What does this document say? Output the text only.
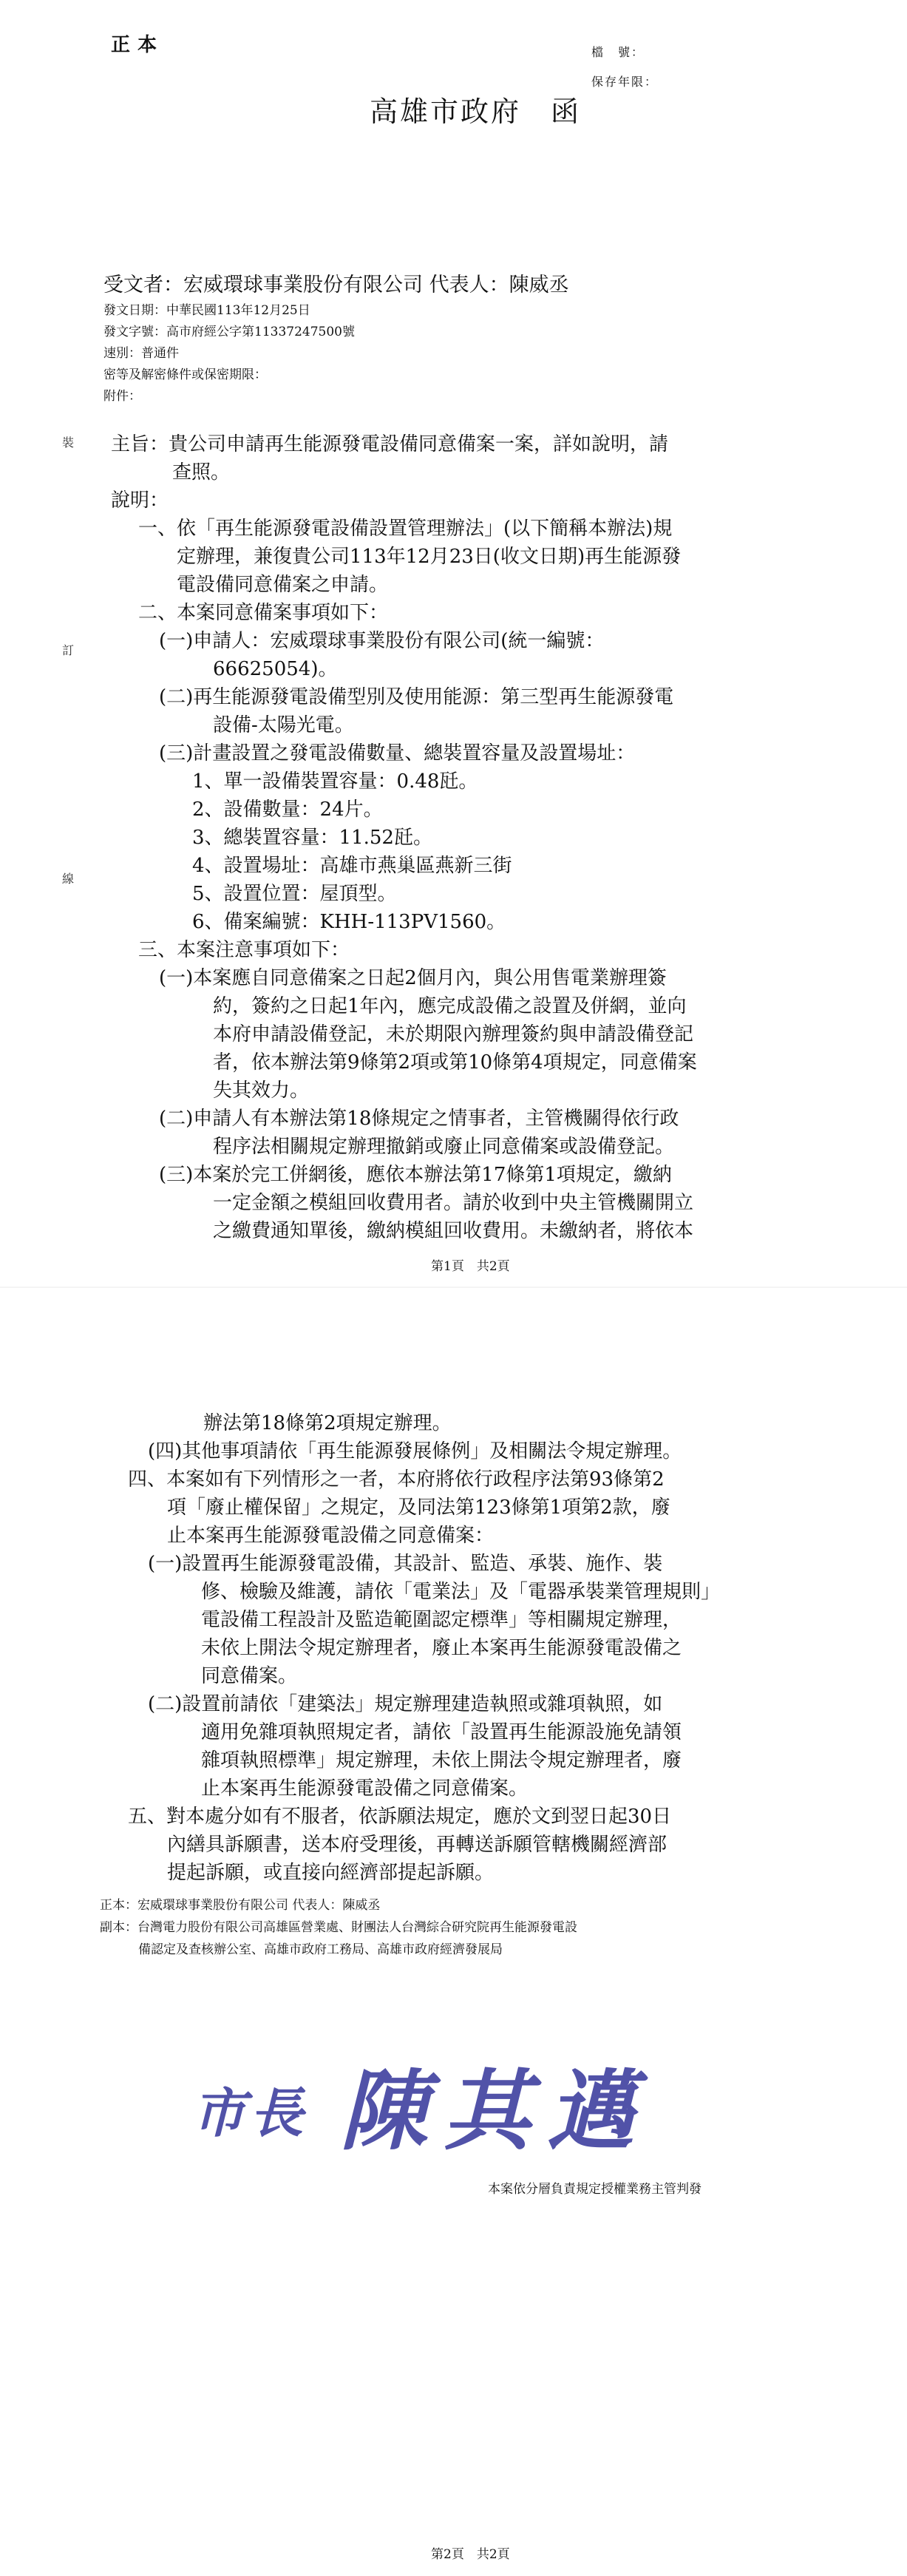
正本	檔　號：
保存年限：
高雄市政府 函
受文者：宏威環球事業股份有限公司 代表人：陳威丞
發文日期：中華民國113年12月25日
發文字號：高市府經公字第11337247500號
速別：普通件
密等及解密條件或保密期限：
附件：
裝
訂
線
主旨：貴公司申請再生能源發電設備同意備案一案，詳如說明，請
查照。
說明：
一、依「再生能源發電設備設置管理辦法」(以下簡稱本辦法)規
定辦理，兼復貴公司113年12月23日(收文日期)再生能源發
電設備同意備案之申請。
二、本案同意備案事項如下：
(一)申請人：宏威環球事業股份有限公司(統一編號：
66625054)。
(二)再生能源發電設備型別及使用能源：第三型再生能源發電
設備-太陽光電。
(三)計畫設置之發電設備數量、總裝置容量及設置場址：
1、單一設備裝置容量：0.48瓩。
2、設備數量：24片。
3、總裝置容量：11.52瓩。
4、設置場址：高雄市燕巢區燕新三街
5、設置位置：屋頂型。
6、備案編號：KHH-113PV1560。
三、本案注意事項如下：
(一)本案應自同意備案之日起2個月內，與公用售電業辦理簽
約，簽約之日起1年內，應完成設備之設置及併網，並向
本府申請設備登記，未於期限內辦理簽約與申請設備登記
者，依本辦法第9條第2項或第10條第4項規定，同意備案
失其效力。
(二)申請人有本辦法第18條規定之情事者，主管機關得依行政
程序法相關規定辦理撤銷或廢止同意備案或設備登記。
(三)本案於完工併網後，應依本辦法第17條第1項規定，繳納
一定金額之模組回收費用者。請於收到中央主管機關開立
之繳費通知單後，繳納模組回收費用。未繳納者，將依本
第1頁　共2頁
辦法第18條第2項規定辦理。
(四)其他事項請依「再生能源發展條例」及相關法令規定辦理。
四、本案如有下列情形之一者，本府將依行政程序法第93條第2
項「廢止權保留」之規定，及同法第123條第1項第2款，廢
止本案再生能源發電設備之同意備案：
(一)設置再生能源發電設備，其設計、監造、承裝、施作、裝
修、檢驗及維護，請依「電業法」及「電器承裝業管理規則」
電設備工程設計及監造範圍認定標準」等相關規定辦理，
未依上開法令規定辦理者，廢止本案再生能源發電設備之
同意備案。
(二)設置前請依「建築法」規定辦理建造執照或雜項執照，如
適用免雜項執照規定者，請依「設置再生能源設施免請領
雜項執照標準」規定辦理，未依上開法令規定辦理者，廢
止本案再生能源發電設備之同意備案。
五、對本處分如有不服者，依訴願法規定，應於文到翌日起30日
內繕具訴願書，送本府受理後，再轉送訴願管轄機關經濟部
提起訴願，或直接向經濟部提起訴願。
正本：宏威環球事業股份有限公司 代表人：陳威丞
副本：台灣電力股份有限公司高雄區營業處、財團法人台灣綜合研究院再生能源發電設
備認定及查核辦公室、高雄市政府工務局、高雄市政府經濟發展局
市長 陳其邁
本案依分層負責規定授權業務主管判發
第2頁　共2頁
